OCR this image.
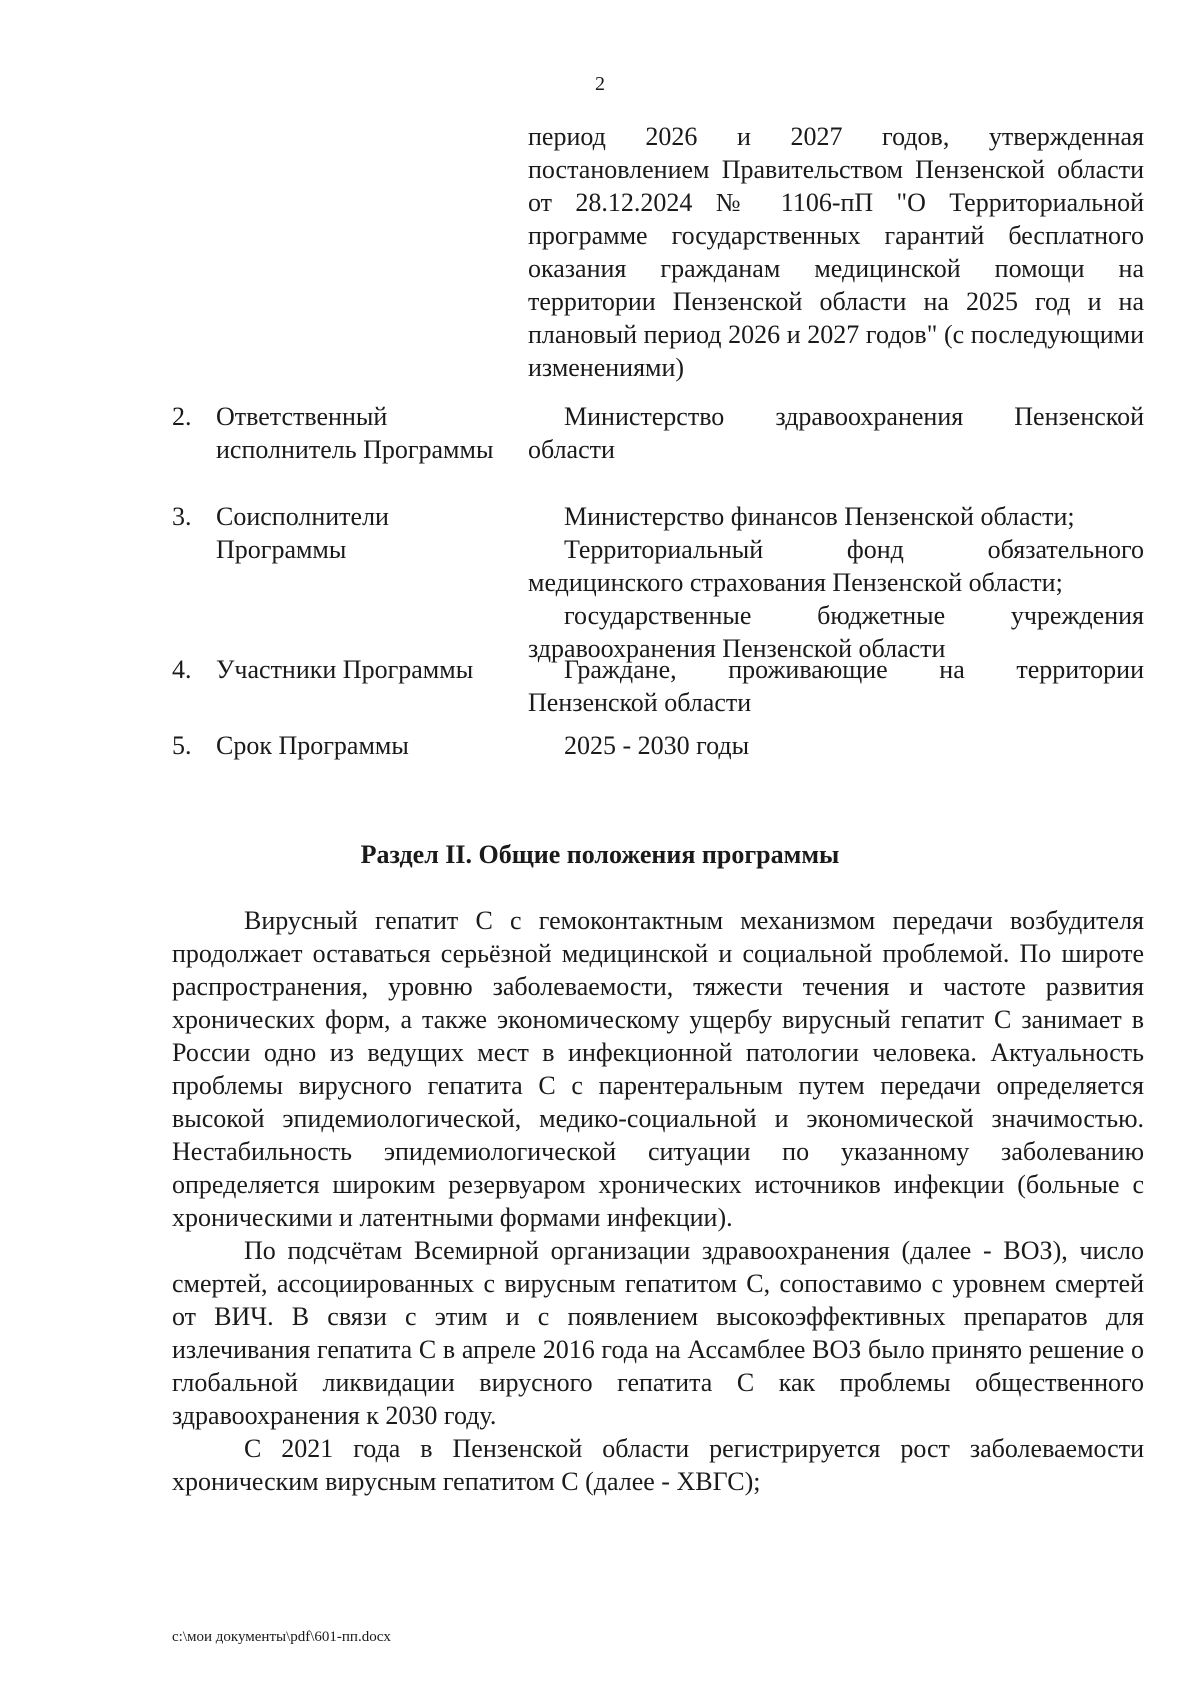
2
период 2026 и 2027 годов, утвержденная постановлением Правительством Пензенской области от 28.12.2024 № 1106-пП "О Территориальной программе государственных гарантий бесплатного оказания гражданам медицинской помощи на территории Пензенской области на 2025 год и на плановый период 2026 и 2027 годов" (с последующими изменениями)
2. Ответственный исполнитель Программы

Министерство здравоохранения Пензенской области

3. Соисполнители Программы

Министерство финансов Пензенской области;

Территориальный фонд обязательного медицинского страхования Пензенской области;

государственные бюджетные учреждения здравоохранения Пензенской области

4. Участники Программы	Граждане, проживающие на территории Пензенской области

5. Срок Программы	2025 - 2030 годы

Раздел II. Общие положения программы

Вирусный гепатит С с гемоконтактным механизмом передачи возбудителя продолжает оставаться серьёзной медицинской и социальной проблемой. По широте распространения, уровню заболеваемости, тяжести течения и частоте развития хронических форм, а также экономическому ущербу вирусный гепатит С занимает в России одно из ведущих мест в инфекционной патологии человека. Актуальность проблемы вирусного гепатита С с парентеральным путем передачи определяется высокой эпидемиологической, медико-социальной и экономической значимостью. Нестабильность эпидемиологической ситуации по указанному заболеванию определяется широким резервуаром хронических источников инфекции (больные с хроническими и латентными формами инфекции).

По подсчётам Всемирной организации здравоохранения (далее - ВОЗ), число смертей, ассоциированных с вирусным гепатитом С, сопоставимо с уровнем смертей от ВИЧ. В связи с этим и с появлением высокоэффективных препаратов для излечивания гепатита С в апреле 2016 года на Ассамблее ВОЗ было принято решение о глобальной ликвидации вирусного гепатита С как проблемы общественного здравоохранения к 2030 году.

С 2021 года в Пензенской области регистрируется рост заболеваемости хроническим вирусным гепатитом С (далее - ХВГС);

c:\мои документы\pdf\601-пп.docx
